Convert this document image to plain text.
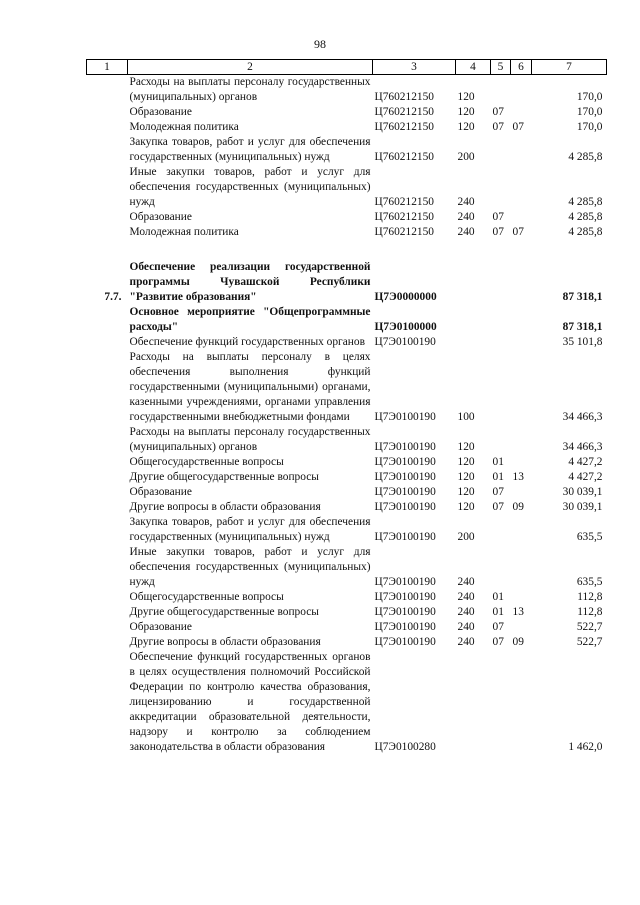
98
1	2	3	4	5	6	7
	Расходы на выплаты персоналу государственных (муниципальных) органов	Ц760212150	120			170,0
	Образование	Ц760212150	120	07		170,0
	Молодежная политика	Ц760212150	120	07	07	170,0
	Закупка товаров, работ и услуг для обеспечения государственных (муниципальных) нужд	Ц760212150	200			4 285,8
	Иные закупки товаров, работ и услуг для обеспечения государственных (муниципальных) нужд	Ц760212150	240			4 285,8
	Образование	Ц760212150	240	07		4 285,8
	Молодежная политика	Ц760212150	240	07	07	4 285,8

7.7.	Обеспечение реализации государственной программы Чувашской Республики "Развитие образования"	Ц7Э0000000				87 318,1
	Основное мероприятие "Общепрограммные расходы"	Ц7Э0100000				87 318,1
	Обеспечение функций государственных органов	Ц7Э0100190				35 101,8
	Расходы на выплаты персоналу в целях обеспечения выполнения функций государственными (муниципальными) органами, казенными учреждениями, органами управления государственными внебюджетными фондами	Ц7Э0100190	100			34 466,3
	Расходы на выплаты персоналу государственных (муниципальных) органов	Ц7Э0100190	120			34 466,3
	Общегосударственные вопросы	Ц7Э0100190	120	01		4 427,2
	Другие общегосударственные вопросы	Ц7Э0100190	120	01	13	4 427,2
	Образование	Ц7Э0100190	120	07		30 039,1
	Другие вопросы в области образования	Ц7Э0100190	120	07	09	30 039,1
	Закупка товаров, работ и услуг для обеспечения государственных (муниципальных) нужд	Ц7Э0100190	200			635,5
	Иные закупки товаров, работ и услуг для обеспечения государственных (муниципальных) нужд	Ц7Э0100190	240			635,5
	Общегосударственные вопросы	Ц7Э0100190	240	01		112,8
	Другие общегосударственные вопросы	Ц7Э0100190	240	01	13	112,8
	Образование	Ц7Э0100190	240	07		522,7
	Другие вопросы в области образования	Ц7Э0100190	240	07	09	522,7
	Обеспечение функций государственных органов в целях осуществления полномочий Российской Федерации по контролю качества образования, лицензированию и государственной аккредитации образовательной деятельности, надзору и контролю за соблюдением законодательства в области образования	Ц7Э0100280				1 462,0
